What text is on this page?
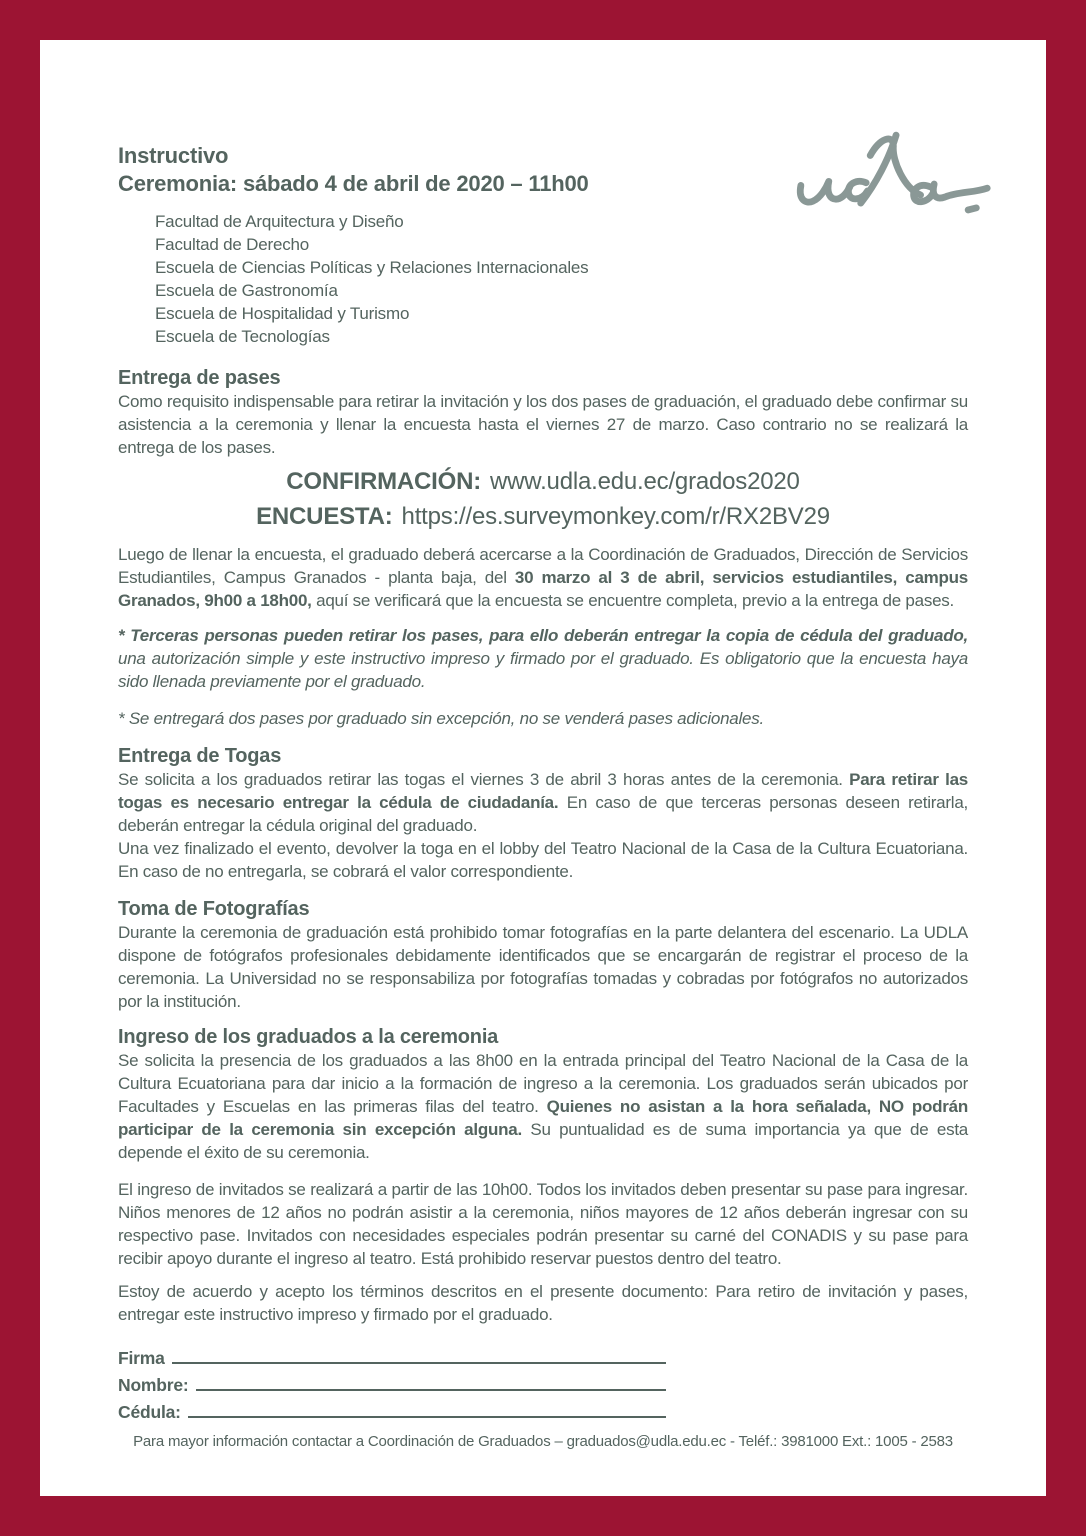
Instructivo
Ceremonia: sábado 4 de abril de 2020 – 11h00
Facultad de Arquitectura y Diseño
Facultad de Derecho
Escuela de Ciencias Políticas y Relaciones Internacionales
Escuela de Gastronomía
Escuela de Hospitalidad y Turismo
Escuela de Tecnologías
Entrega de pases
Como requisito indispensable para retirar la invitación y los dos pases de graduación, el graduado debe confirmar su asistencia a la ceremonia y llenar la encuesta hasta el viernes 27 de marzo. Caso contrario no se realizará la entrega de los pases.
CONFIRMACIÓN: www.udla.edu.ec/grados2020
ENCUESTA: https://es.surveymonkey.com/r/RX2BV29
Luego de llenar la encuesta, el graduado deberá acercarse a la Coordinación de Graduados, Dirección de Servicios Estudiantiles, Campus Granados - planta baja, del 30 marzo al 3 de abril, servicios estudiantiles, campus Granados, 9h00 a 18h00, aquí se verificará que la encuesta se encuentre completa, previo a la entrega de pases.
* Terceras personas pueden retirar los pases, para ello deberán entregar la copia de cédula del graduado, una autorización simple y este instructivo impreso y firmado por el graduado. Es obligatorio que la encuesta haya sido llenada previamente por el graduado.
* Se entregará dos pases por graduado sin excepción, no se venderá pases adicionales.
Entrega de Togas
Se solicita a los graduados retirar las togas el viernes 3 de abril 3 horas antes de la ceremonia. Para retirar las togas es necesario entregar la cédula de ciudadanía. En caso de que terceras personas deseen retirarla, deberán entregar la cédula original del graduado.
Una vez finalizado el evento, devolver la toga en el lobby del Teatro Nacional de la Casa de la Cultura Ecuatoriana. En caso de no entregarla, se cobrará el valor correspondiente.
Toma de Fotografías
Durante la ceremonia de graduación está prohibido tomar fotografías en la parte delantera del escenario. La UDLA dispone de fotógrafos profesionales debidamente identificados que se encargarán de registrar el proceso de la ceremonia. La Universidad no se responsabiliza por fotografías tomadas y cobradas por fotógrafos no autorizados por la institución.
Ingreso de los graduados a la ceremonia
Se solicita la presencia de los graduados a las 8h00 en la entrada principal del Teatro Nacional de la Casa de la Cultura Ecuatoriana para dar inicio a la formación de ingreso a la ceremonia. Los graduados serán ubicados por Facultades y Escuelas en las primeras filas del teatro. Quienes no asistan a la hora señalada, NO podrán participar de la ceremonia sin excepción alguna. Su puntualidad es de suma importancia ya que de esta depende el éxito de su ceremonia.
El ingreso de invitados se realizará a partir de las 10h00. Todos los invitados deben presentar su pase para ingresar. Niños menores de 12 años no podrán asistir a la ceremonia, niños mayores de 12 años deberán ingresar con su respectivo pase. Invitados con necesidades especiales podrán presentar su carné del CONADIS y su pase para recibir apoyo durante el ingreso al teatro. Está prohibido reservar puestos dentro del teatro.
Estoy de acuerdo y acepto los términos descritos en el presente documento: Para retiro de invitación y pases, entregar este instructivo impreso y firmado por el graduado.
Firma
Nombre:
Cédula:
Para mayor información contactar a Coordinación de Graduados – graduados@udla.edu.ec - Teléf.: 3981000 Ext.: 1005 - 2583
